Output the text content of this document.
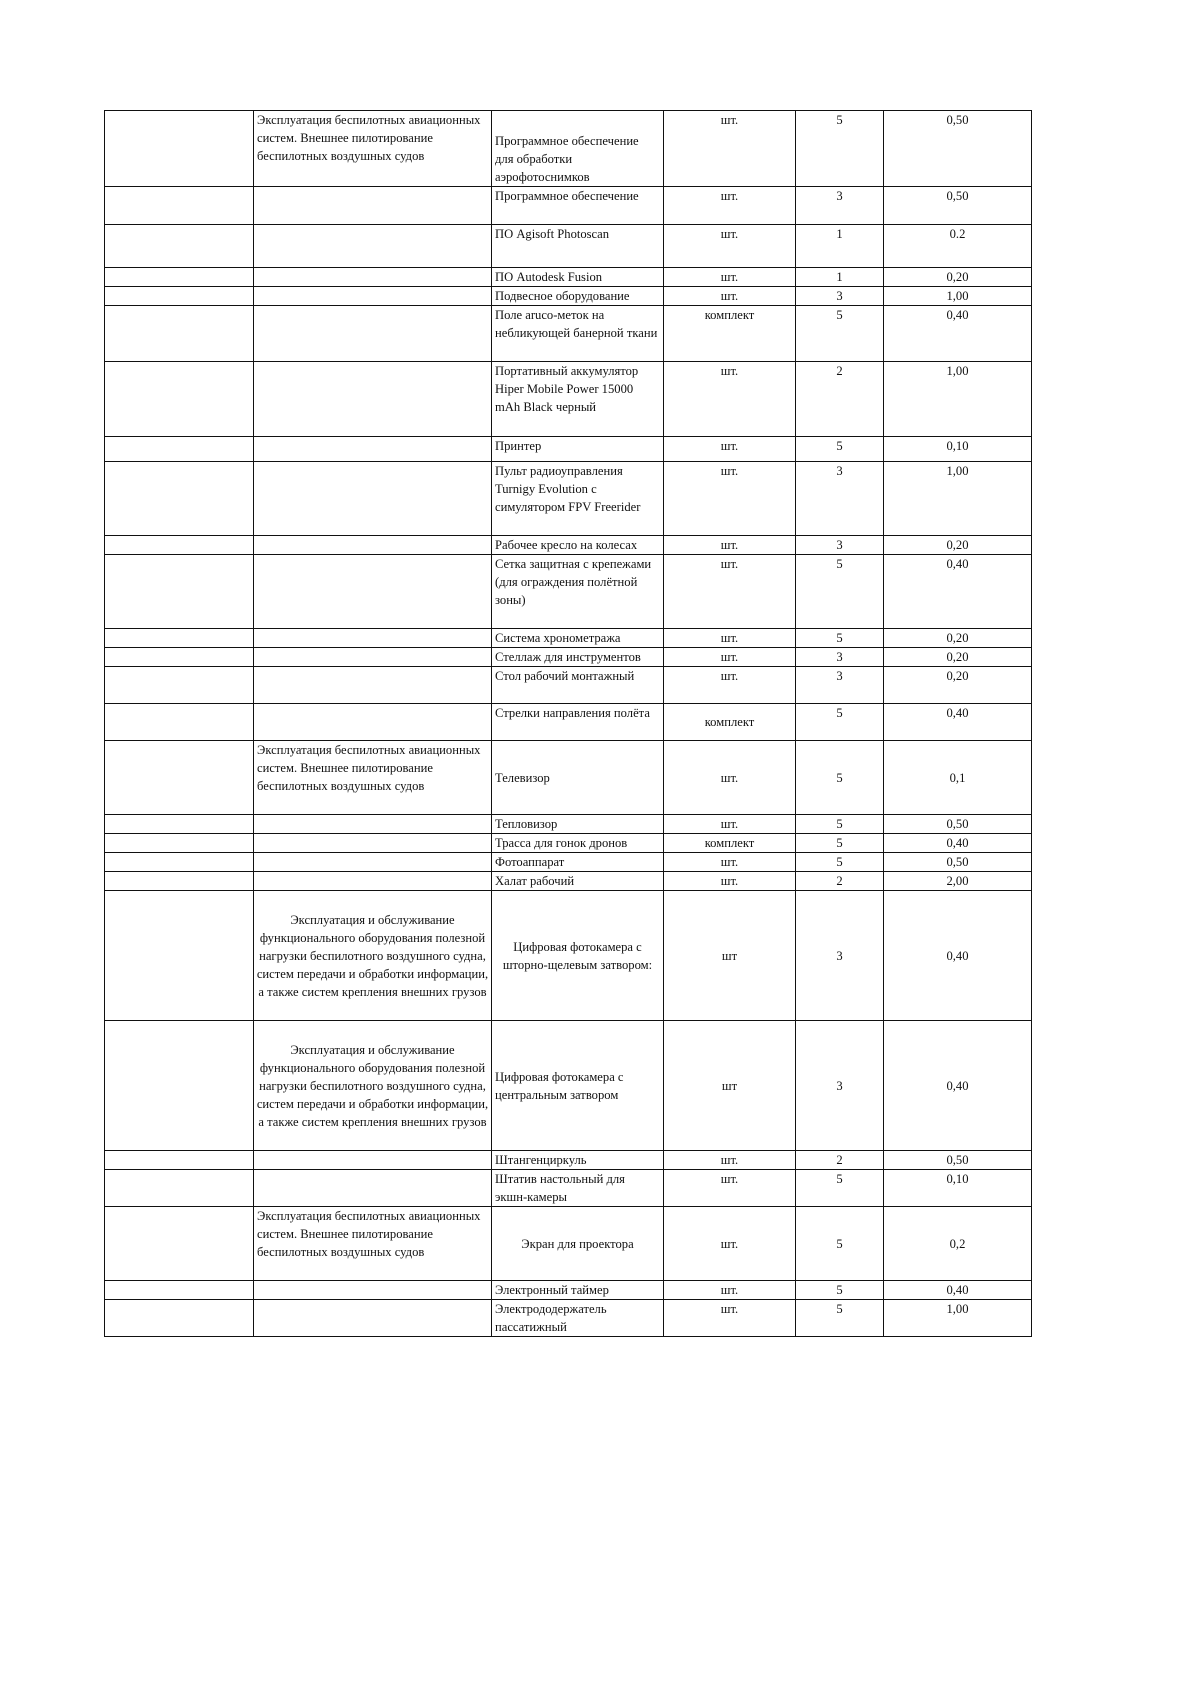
	Эксплуатация беспилотных авиационных систем. Внешнее пилотирование беспилотных воздушных судов	Программное обеспечение для обработки аэрофотоснимков	шт.	5	0,50
		Программное обеспечение	шт.	3	0,50
		ПО Agisoft Photoscan	шт.	1	0.2
		ПО Autodesk Fusion	шт.	1	0,20
		Подвесное оборудование	шт.	3	1,00
		Поле aruco-меток на небликующей банерной ткани	комплект	5	0,40
		Портативный аккумулятор Hiper Mobile Power 15000 mAh Black черный	шт.	2	1,00
		Принтер	шт.	5	0,10
		Пульт радиоуправления Turnigy Evolution с симулятором FPV Freerider	шт.	3	1,00
		Рабочее кресло на колесах	шт.	3	0,20
		Сетка защитная с крепежами (для ограждения полётной зоны)	шт.	5	0,40
		Система хронометража	шт.	5	0,20
		Стеллаж для инструментов	шт.	3	0,20
		Стол рабочий монтажный	шт.	3	0,20
		Стрелки направления полёта	комплект	5	0,40
	Эксплуатация беспилотных авиационных систем. Внешнее пилотирование беспилотных воздушных судов	Телевизор	шт.	5	0,1
		Тепловизор	шт.	5	0,50
		Трасса для гонок дронов	комплект	5	0,40
		Фотоаппарат	шт.	5	0,50
		Халат рабочий	шт.	2	2,00
	Эксплуатация и обслуживание функционального оборудования полезной нагрузки беспилотного воздушного судна, систем передачи и обработки информации, а также систем крепления внешних грузов	Цифровая фотокамера с шторно-щелевым затвором:	шт	3	0,40
	Эксплуатация и обслуживание функционального оборудования полезной нагрузки беспилотного воздушного судна, систем передачи и обработки информации, а также систем крепления внешних грузов	Цифровая фотокамера с центральным затвором	шт	3	0,40
		Штангенциркуль	шт.	2	0,50
		Штатив настольный для экшн-камеры	шт.	5	0,10
	Эксплуатация беспилотных авиационных систем. Внешнее пилотирование беспилотных воздушных судов	Экран для проектора	шт.	5	0,2
		Электронный таймер	шт.	5	0,40
		Электрододержатель пассатижный	шт.	5	1,00
